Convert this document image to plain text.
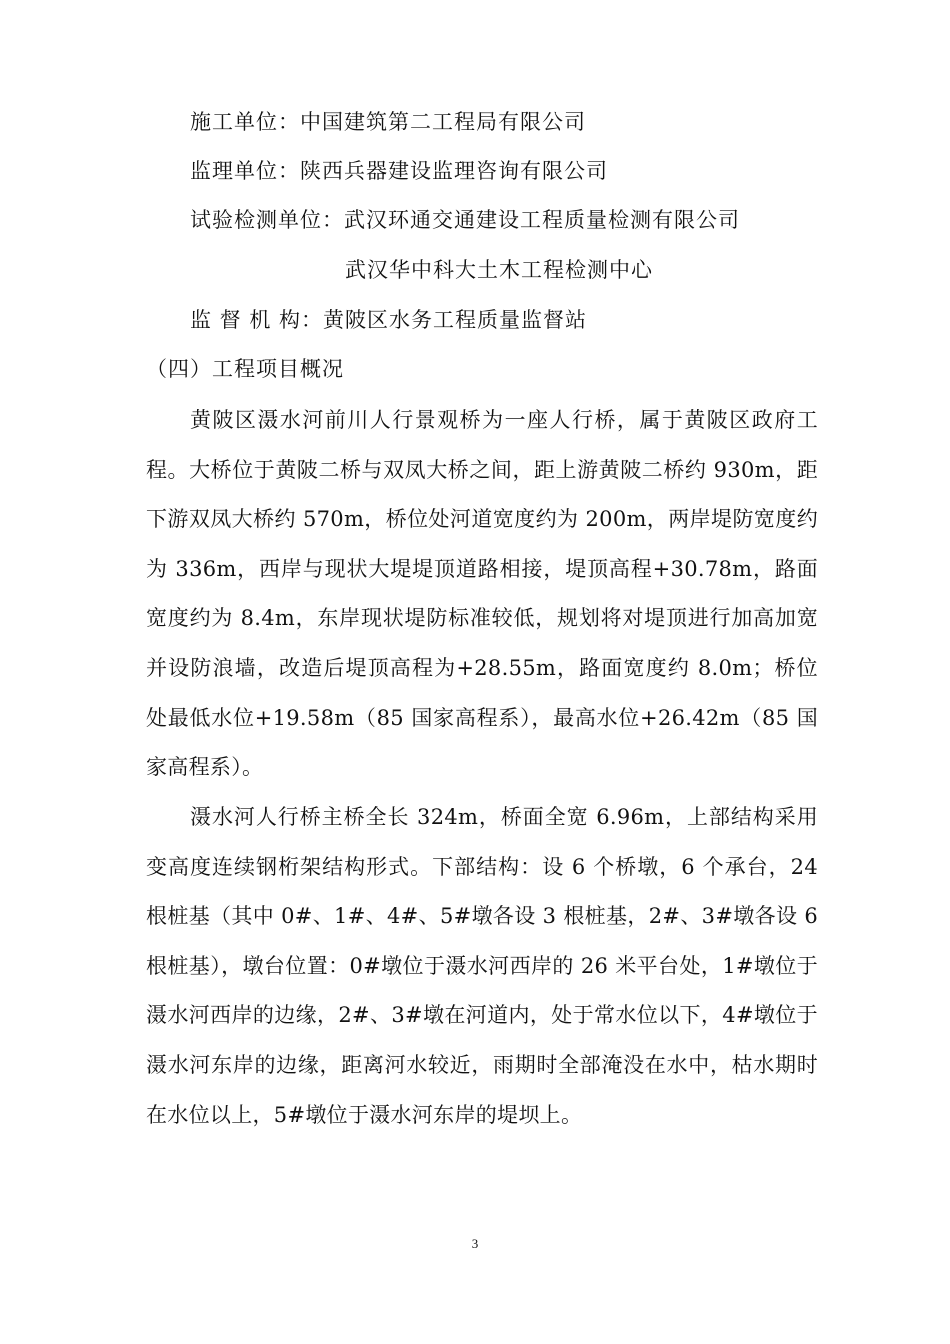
施工单位：中国建筑第二工程局有限公司
监理单位：陕西兵器建设监理咨询有限公司
试验检测单位：武汉环通交通建设工程质量检测有限公司
武汉华中科大土木工程检测中心
监 督 机 构：黄陂区水务工程质量监督站
（四）工程项目概况
黄陂区滠水河前川人行景观桥为一座人行桥，属于黄陂区政府工程。大桥位于黄陂二桥与双凤大桥之间，距上游黄陂二桥约 930m，距下游双凤大桥约 570m，桥位处河道宽度约为 200m，两岸堤防宽度约为 336m，西岸与现状大堤堤顶道路相接，堤顶高程+30.78m，路面宽度约为 8.4m，东岸现状堤防标准较低，规划将对堤顶进行加高加宽并设防浪墙，改造后堤顶高程为+28.55m，路面宽度约 8.0m；桥位处最低水位+19.58m（85 国家高程系），最高水位+26.42m（85 国家高程系）。
滠水河人行桥主桥全长 324m，桥面全宽 6.96m，上部结构采用变高度连续钢桁架结构形式。下部结构：设 6 个桥墩，6 个承台，24 根桩基（其中 0#、1#、4#、5#墩各设 3 根桩基，2#、3#墩各设 6 根桩基），墩台位置：0#墩位于滠水河西岸的 26 米平台处，1#墩位于滠水河西岸的边缘，2#、3#墩在河道内，处于常水位以下，4#墩位于滠水河东岸的边缘，距离河水较近，雨期时全部淹没在水中，枯水期时在水位以上，5#墩位于滠水河东岸的堤坝上。
3
